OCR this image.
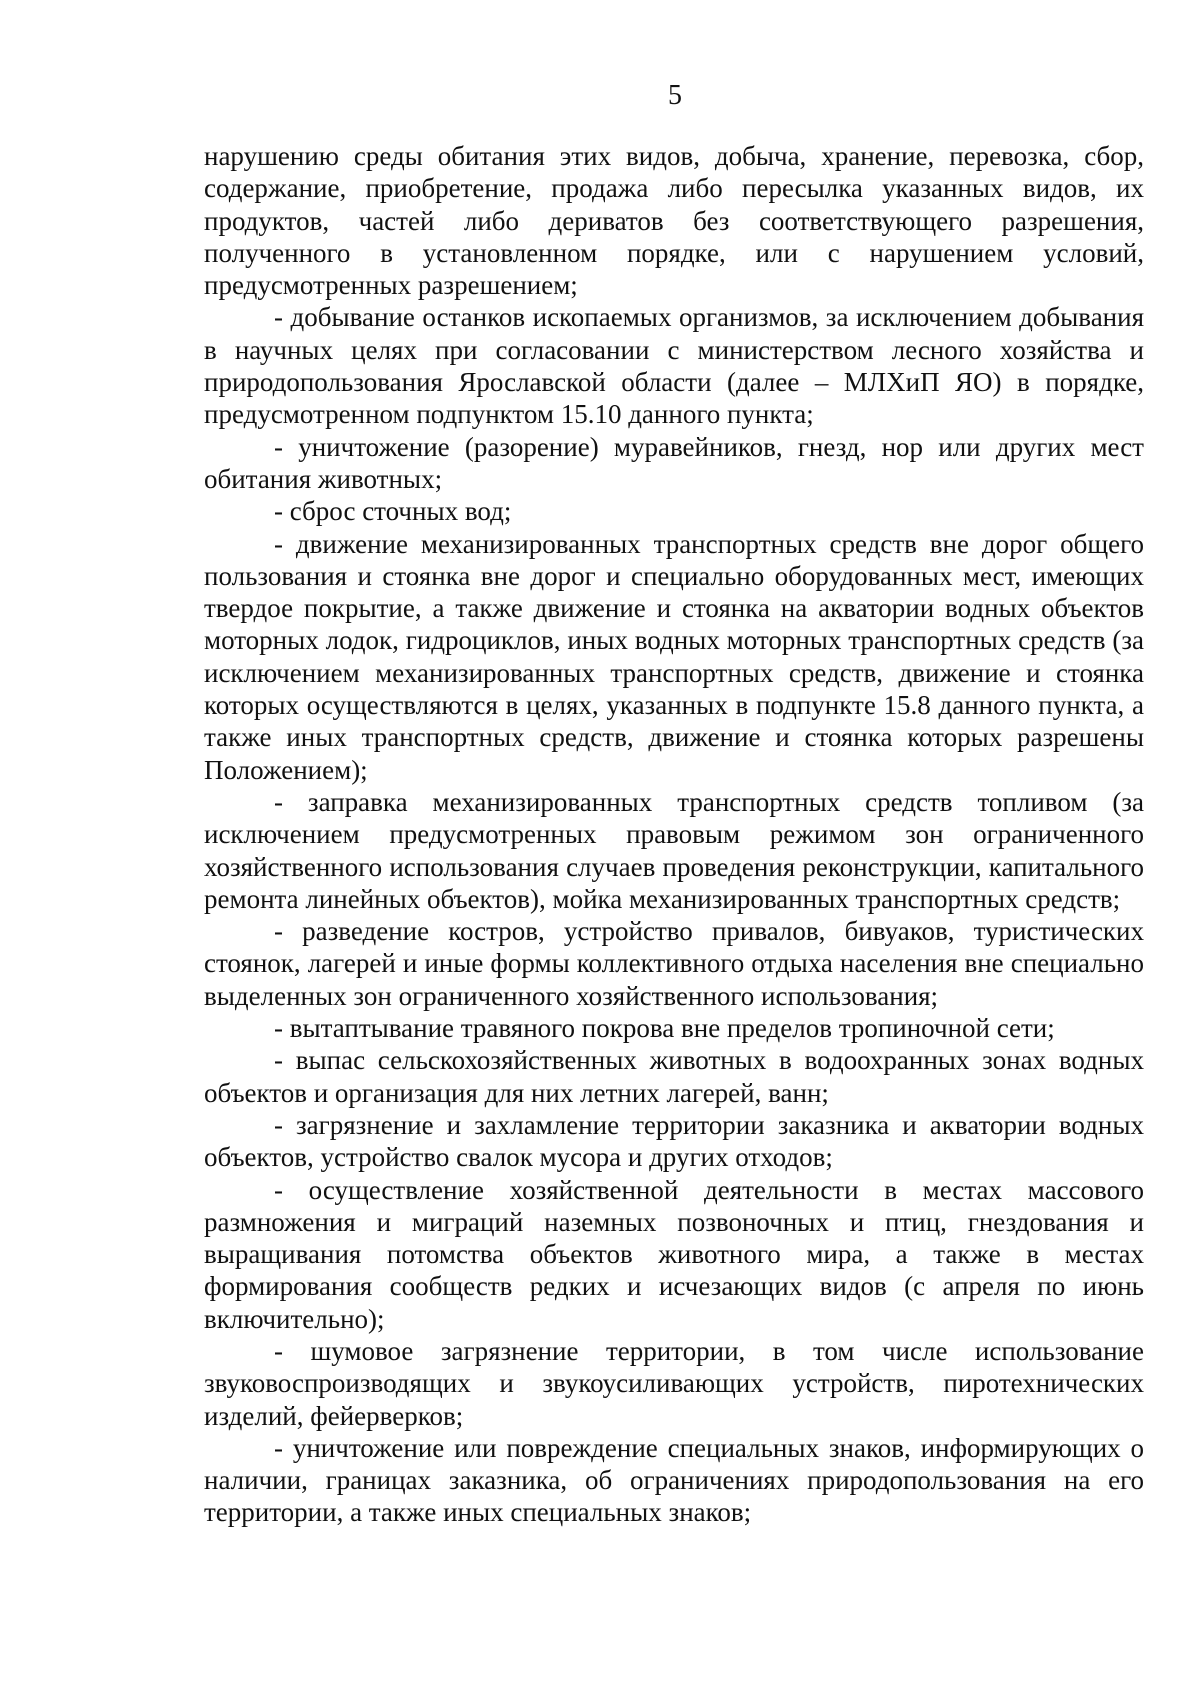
5

нарушению среды обитания этих видов, добыча, хранение, перевозка, сбор, содержание, приобретение, продажа либо пересылка указанных видов, их продуктов, частей либо дериватов без соответствующего разрешения, полученного в установленном порядке, или с нарушением условий, предусмотренных разрешением;

- добывание останков ископаемых организмов, за исключением добывания в научных целях при согласовании с министерством лесного хозяйства и природопользования Ярославской области (далее – МЛХиП ЯО) в порядке, предусмотренном подпунктом 15.10 данного пункта;

- уничтожение (разорение) муравейников, гнезд, нор или других мест обитания животных;

- сброс сточных вод;

- движение механизированных транспортных средств вне дорог общего пользования и стоянка вне дорог и специально оборудованных мест, имеющих твердое покрытие, а также движение и стоянка на акватории водных объектов моторных лодок, гидроциклов, иных водных моторных транспортных средств (за исключением механизированных транспортных средств, движение и стоянка которых осуществляются в целях, указанных в подпункте 15.8 данного пункта, а также иных транспортных средств, движение и стоянка которых разрешены Положением);

- заправка механизированных транспортных средств топливом (за исключением предусмотренных правовым режимом зон ограниченного хозяйственного использования случаев проведения реконструкции, капитального ремонта линейных объектов), мойка механизированных транспортных средств;

- разведение костров, устройство привалов, бивуаков, туристических стоянок, лагерей и иные формы коллективного отдыха населения вне специально выделенных зон ограниченного хозяйственного использования;

- вытаптывание травяного покрова вне пределов тропиночной сети;

- выпас сельскохозяйственных животных в водоохранных зонах водных объектов и организация для них летних лагерей, ванн;

- загрязнение и захламление территории заказника и акватории водных объектов, устройство свалок мусора и других отходов;

- осуществление хозяйственной деятельности в местах массового размножения и миграций наземных позвоночных и птиц, гнездования и выращивания потомства объектов животного мира, а также в местах формирования сообществ редких и исчезающих видов (с апреля по июнь включительно);

- шумовое загрязнение территории, в том числе использование звуковоспроизводящих и звукоусиливающих устройств, пиротехнических изделий, фейерверков;

- уничтожение или повреждение специальных знаков, информирующих о наличии, границах заказника, об ограничениях природопользования на его территории, а также иных специальных знаков;
